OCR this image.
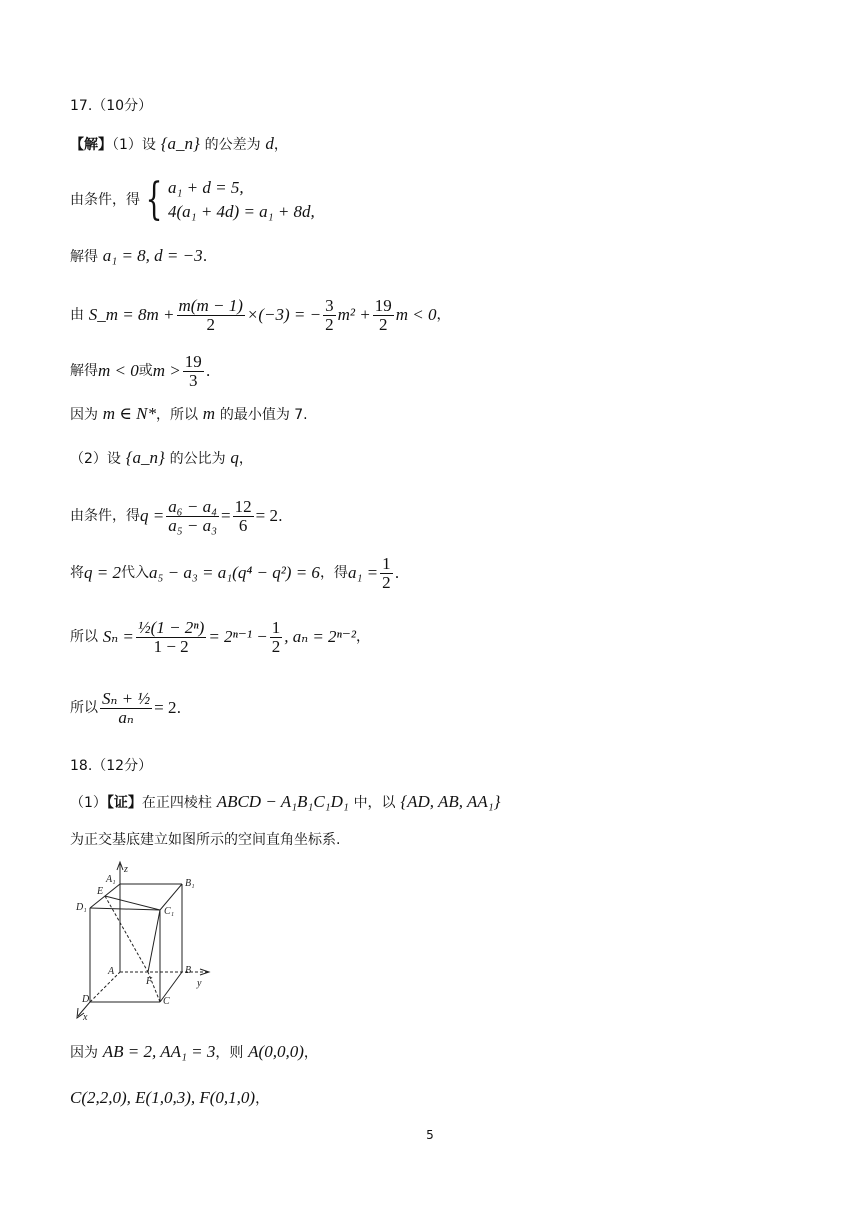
17.（10分）
【解】（1）设 {a_n} 的公差为 d，
由条件，得 { a₁ + d = 5,
4(a₁ + 4d) = a₁ + 8d,
解得 a₁ = 8, d = −3.
由
S_m = $8m + \frac{m(m - 1)}{2} \times(-3)$ = − $\frac{3}{2} m^2 + \frac{19}{2}$ m < 0 ，
解得 m < 0 或 $m > \frac{19}{3}$ .
因为 m ∈ N*，所以 m 的最小值为 7.
（2）设 {a_n} 的公比为 q，
由条件，得 $q = \frac{\text{a₆ − a₄}}{\text{a₅ − a₃}} = \frac{12}{6} = 2$ .
将 q = 2 代入 a₅ − a₃ = a₁(q⁴ − q²) = 6 ，得 $a_1 = \frac{1}{2}$ .
所以
$S_n = \frac{\text{½(1 − 2ⁿ)}}{1 - 2} = 2^{n-1} - \frac{1}{2}$ , aₙ = 2ⁿ⁻² ，
所以 $\frac{\text{Sₙ + ½}}{\text{aₙ}} = 2$ .
18.（12分）
（1）【证】在正四棱柱 ABCD − A₁B₁C₁D₁ 中，以 {AD, AB, AA₁}
为正交基底建立如图所示的空间直角坐标系.
z
A₁	B₁
E
D₁	C₁
A
F
B
y
D	C
x
因为 AB = 2, AA₁ = 3，则 A(0,0,0)，
C(2,2,0), E(1,0,3), F(0,1,0)，
5
